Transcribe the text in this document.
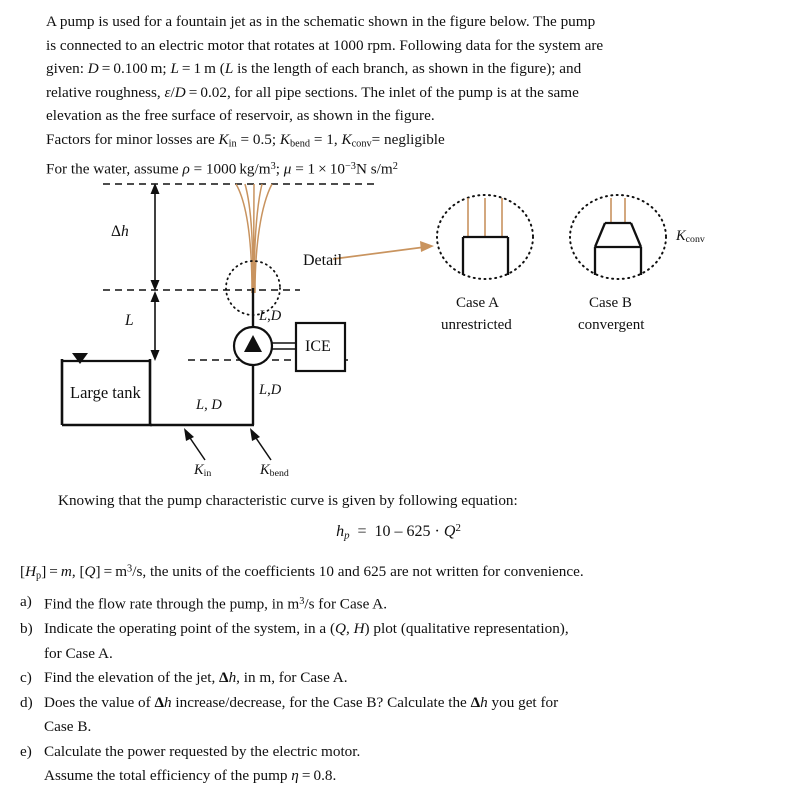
A pump is used for a fountain jet as in the schematic shown in the figure below. The pump

is connected to an electric motor that rotates at 1000 rpm. Following data for the system are

given: D = 0.100 m; L = 1 m (L is the length of each branch, as shown in the figure); and

relative roughness, ε/D = 0.02, for all pipe sections. The inlet of the pump is at the same

elevation as the free surface of reservoir, as shown in the figure.

Factors for minor losses are $K_{in} = 0.5$; $K_{bend} = 1$, $K_{conv}=$ negligible

For the water, assume ρ = 1000 $kg/m^3$; $\mu = 1 \times 10^{-3}N$ $s/m^2$

Δh
L
Large tank
L, D
L,D
L,D
$K_{in}$	$K_{bend}$
$K_{conv}$
Detail
ICE
Case A
unrestricted
Case B
convergent
Knowing that the pump characteristic curve is given by following equation:
$h_p = 10 - 625 \cdot Q^2$
$[H_p] = m$, $[Q] = m^3/s$, the units of the coefficients 10 and 625 are not written for convenience.
a) Find the flow rate through the pump, in $m^3/s$ for Case A.
b) Indicate the operating point of the system, in a (Q, H) plot (qualitative representation),
for Case A.
c) Find the elevation of the jet, Δh, in m, for Case A.
d) Does the value of Δh increase/decrease, for the Case B? Calculate the Δh you get for
Case B.
e) Calculate the power requested by the electric motor.
Assume the total efficiency of the pump η = 0.8.
